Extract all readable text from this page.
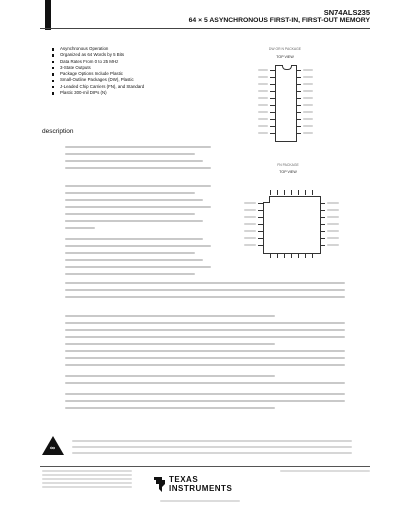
SN74ALS235
64 × 5 ASYNCHRONOUS FIRST-IN, FIRST-OUT MEMORY
Asynchronous Operation
Organized as 64 Words by 5 Bits
Data Rates From 0 to 25 MHz
3-State Outputs
Package Options Include Plastic
Small-Outline Packages (DW), Plastic
J-Leaded Chip Carriers (FN), and Standard
Plastic 300-mil DIPs (N)
DW OR N PACKAGE
TOP VIEW
FN PACKAGE
TOP VIEW
description
∞
TEXAS
INSTRUMENTS
